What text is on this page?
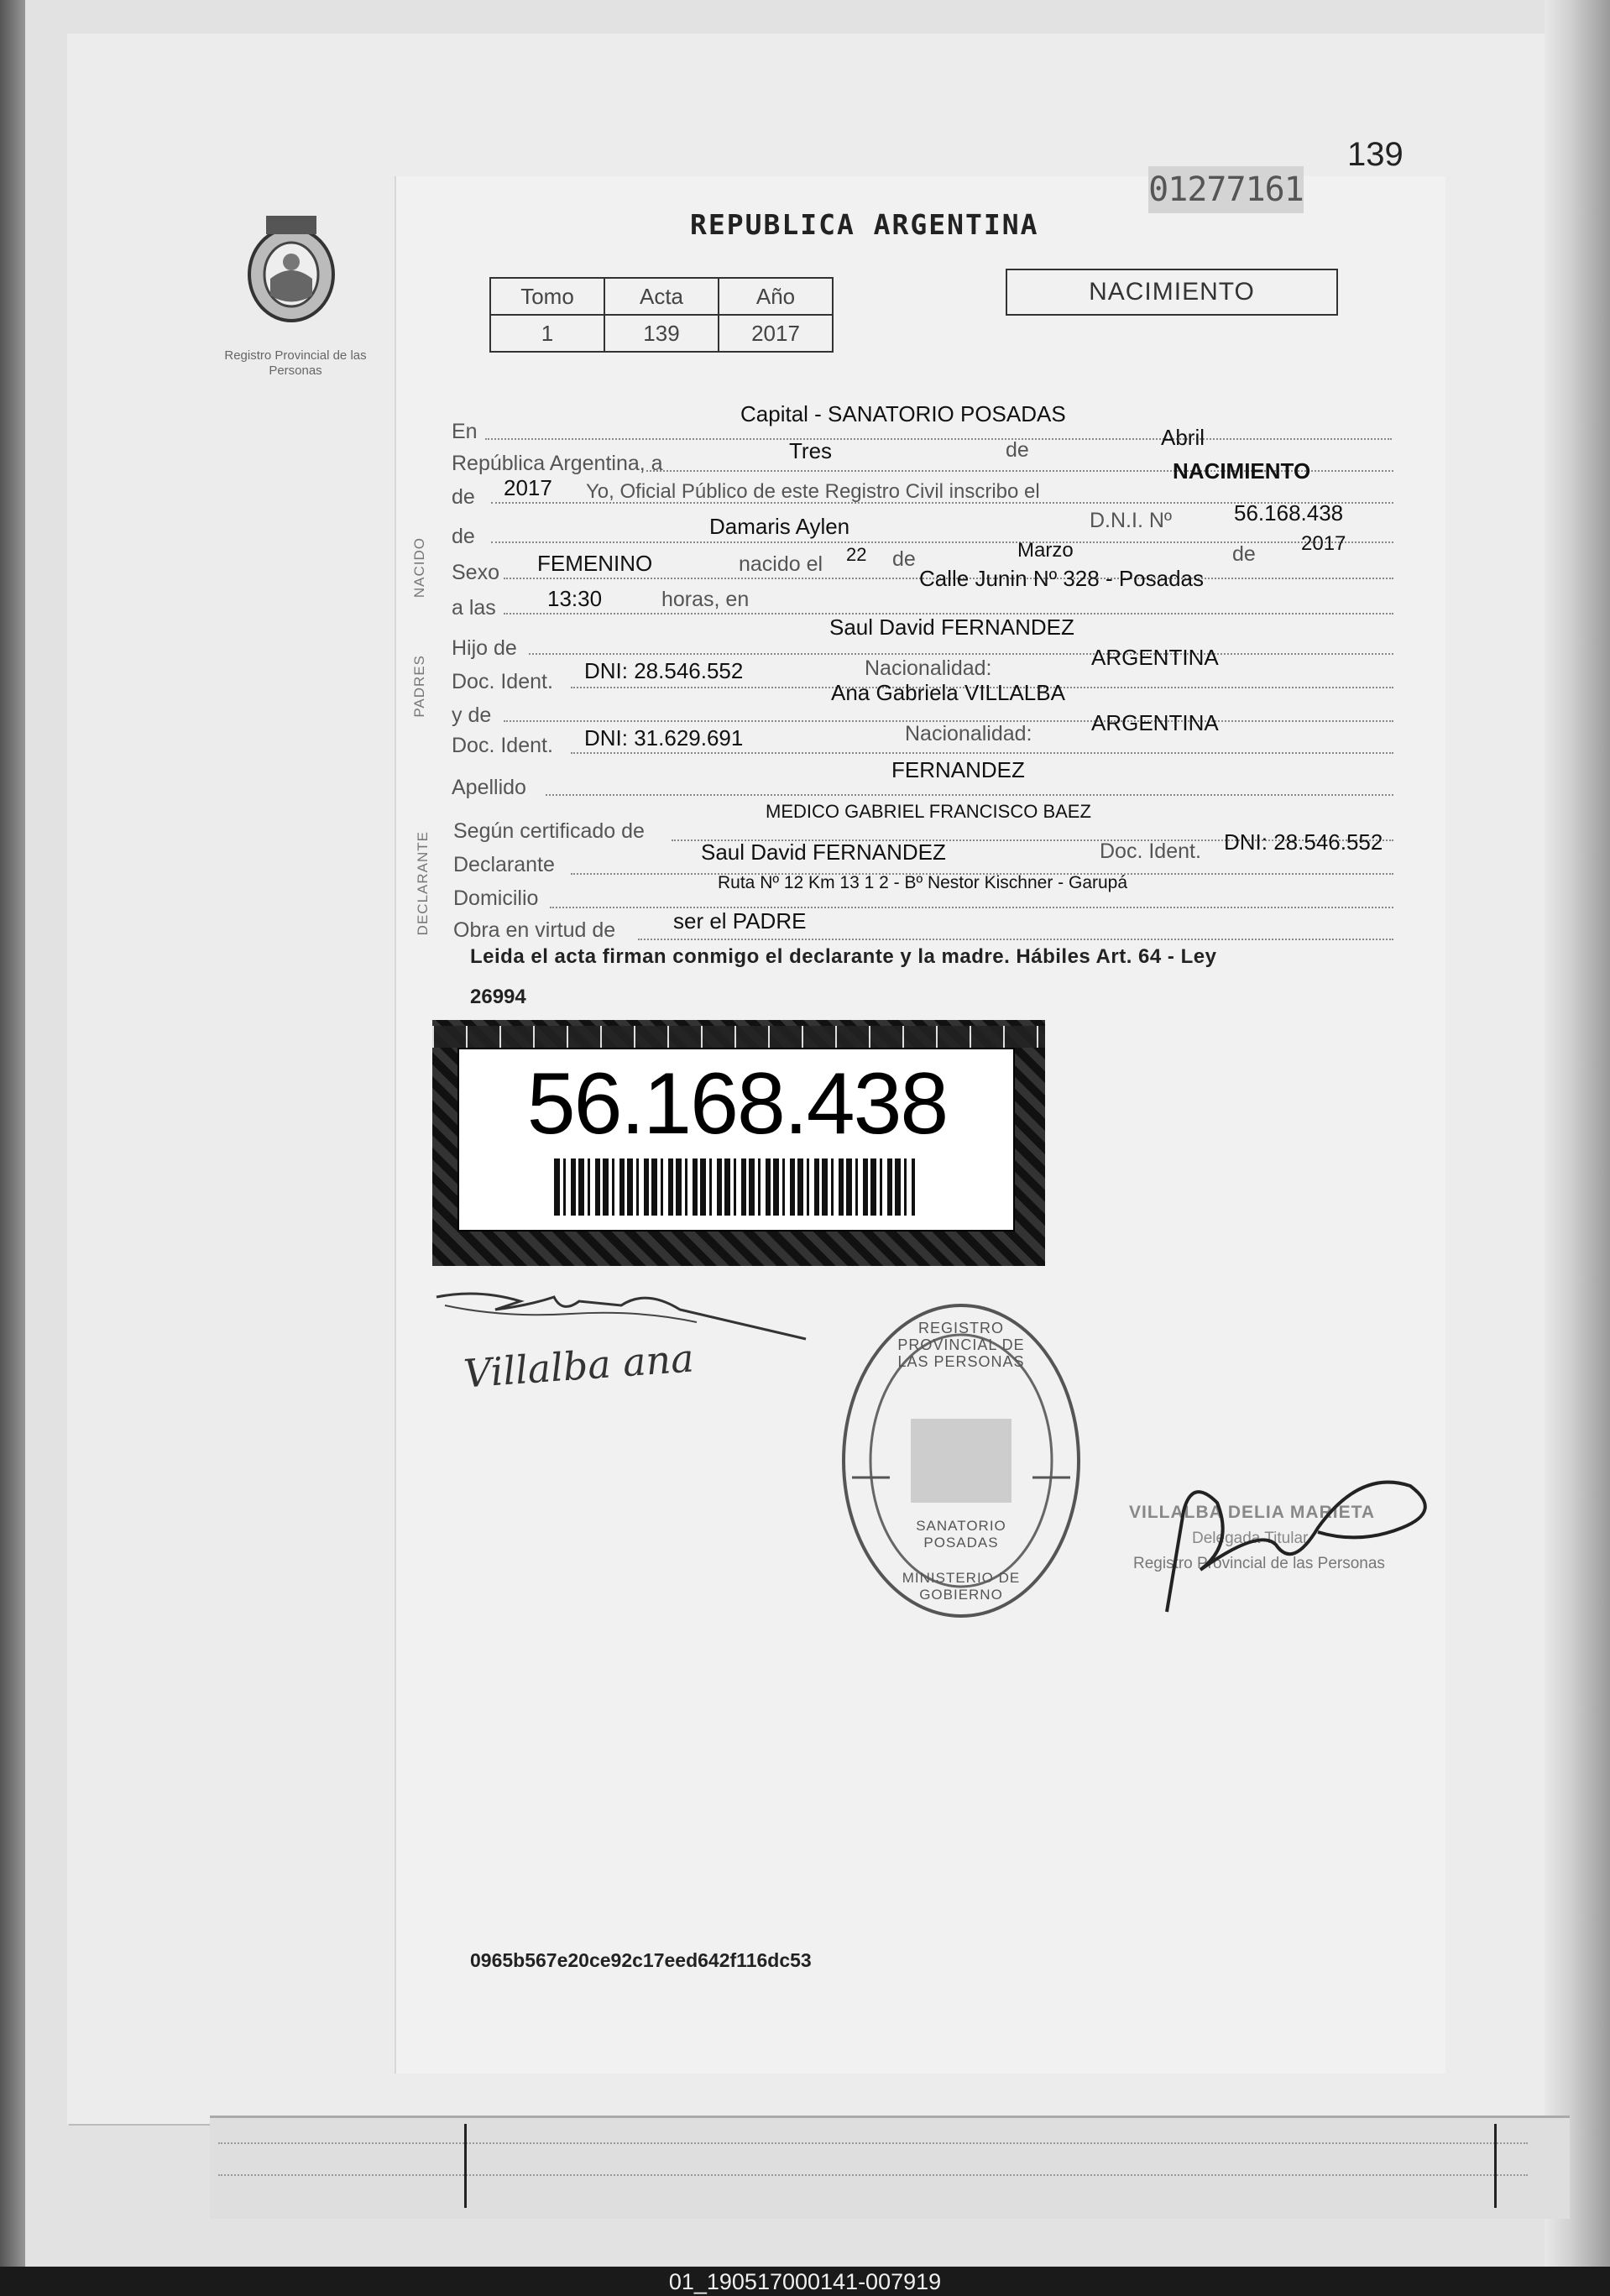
139
01277161
REPUBLICA ARGENTINA
Registro Provincial de las Personas
Tomo	Acta	Año
1	139	2017
NACIMIENTO
NACIDO
PADRES
DECLARANTE
En
Capital - SANATORIO POSADAS
República Argentina, a	Tres	de	Abril
de 2017 Yo, Oficial Público de este Registro Civil inscribo el
NACIMIENTO
de	Damaris Aylen	D.N.I. Nº	56.168.438
Sexo FEMENINO	nacido el 22 de	Marzo	de 2017
a las 13:30	horas, en
Calle Junin Nº 328 - Posadas
Hijo de
Saul David FERNANDEZ
Doc. Ident. DNI: 28.546.552	Nacionalidad:	ARGENTINA
y de
Ana Gabriela VILLALBA
Doc. Ident. DNI: 31.629.691	Nacionalidad:	ARGENTINA
Apellido
FERNANDEZ
Según certificado de
MEDICO GABRIEL FRANCISCO BAEZ
Declarante	Saul David FERNANDEZ	Doc. Ident. DNI: 28.546.552
Domicilio
Ruta Nº 12 Km 13 1 2 - Bº Nestor Kischner - Garupá
Obra en virtud de	ser el PADRE
Leida el acta firman conmigo el declarante y la madre. Hábiles Art. 64 - Ley
26994
56.168.438
Villalba ana
REGISTRO PROVINCIAL DE LAS PERSONAS
SANATORIO POSADAS
MINISTERIO DE GOBIERNO
VILLALBA DELIA MARIETA
Delegada Titular
Registro Provincial de las Personas
0965b567e20ce92c17eed642f116dc53
01_190517000141-007919
